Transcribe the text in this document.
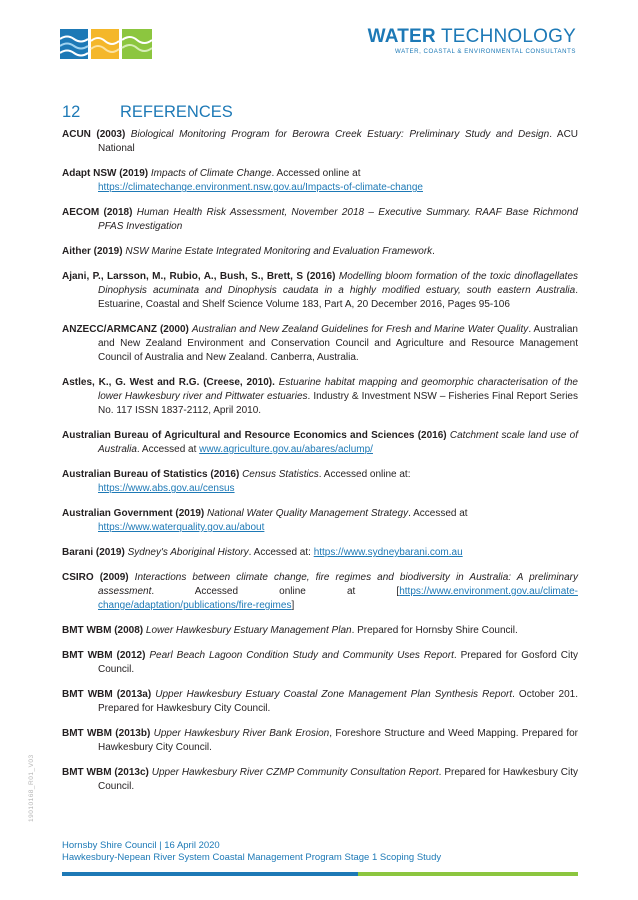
WATER TECHNOLOGY
WATER, COASTAL & ENVIRONMENTAL CONSULTANTS
12 REFERENCES

ACUN (2003) Biological Monitoring Program for Berowra Creek Estuary: Preliminary Study and Design. ACU National

Adapt NSW (2019) Impacts of Climate Change. Accessed online at
https://climatechange.environment.nsw.gov.au/Impacts-of-climate-change

AECOM (2018) Human Health Risk Assessment, November 2018 – Executive Summary. RAAF Base Richmond PFAS Investigation

Aither (2019) NSW Marine Estate Integrated Monitoring and Evaluation Framework.

Ajani, P., Larsson, M., Rubio, A., Bush, S., Brett, S (2016) Modelling bloom formation of the toxic dinoflagellates Dinophysis acuminata and Dinophysis caudata in a highly modified estuary, south eastern Australia. Estuarine, Coastal and Shelf Science Volume 183, Part A, 20 December 2016, Pages 95-106

ANZECC/ARMCANZ (2000) Australian and New Zealand Guidelines for Fresh and Marine Water Quality. Australian and New Zealand Environment and Conservation Council and Agriculture and Resource Management Council of Australia and New Zealand. Canberra, Australia.

Astles, K., G. West and R.G. (Creese, 2010). Estuarine habitat mapping and geomorphic characterisation of the lower Hawkesbury river and Pittwater estuaries. Industry & Investment NSW – Fisheries Final Report Series No. 117 ISSN 1837-2112, April 2010.

Australian Bureau of Agricultural and Resource Economics and Sciences (2016) Catchment scale land use of Australia. Accessed at www.agriculture.gov.au/abares/aclump/

Australian Bureau of Statistics (2016) Census Statistics. Accessed online at:
https://www.abs.gov.au/census

Australian Government (2019) National Water Quality Management Strategy. Accessed at
https://www.waterquality.gov.au/about

Barani (2019) Sydney's Aboriginal History. Accessed at: https://www.sydneybarani.com.au

CSIRO (2009) Interactions between climate change, fire regimes and biodiversity in Australia: A preliminary assessment. Accessed online at [https://www.environment.gov.au/climate-change/adaptation/publications/fire-regimes]

BMT WBM (2008) Lower Hawkesbury Estuary Management Plan. Prepared for Hornsby Shire Council.

BMT WBM (2012) Pearl Beach Lagoon Condition Study and Community Uses Report. Prepared for Gosford City Council.

BMT WBM (2013a) Upper Hawkesbury Estuary Coastal Zone Management Plan Synthesis Report. October 201. Prepared for Hawkesbury City Council.

BMT WBM (2013b) Upper Hawkesbury River Bank Erosion, Foreshore Structure and Weed Mapping. Prepared for Hawkesbury City Council.

BMT WBM (2013c) Upper Hawkesbury River CZMP Community Consultation Report. Prepared for Hawkesbury City Council.

19010168_R01_V03
Hornsby Shire Council | 16 April 2020
Hawkesbury-Nepean River System Coastal Management Program Stage 1 Scoping Study
